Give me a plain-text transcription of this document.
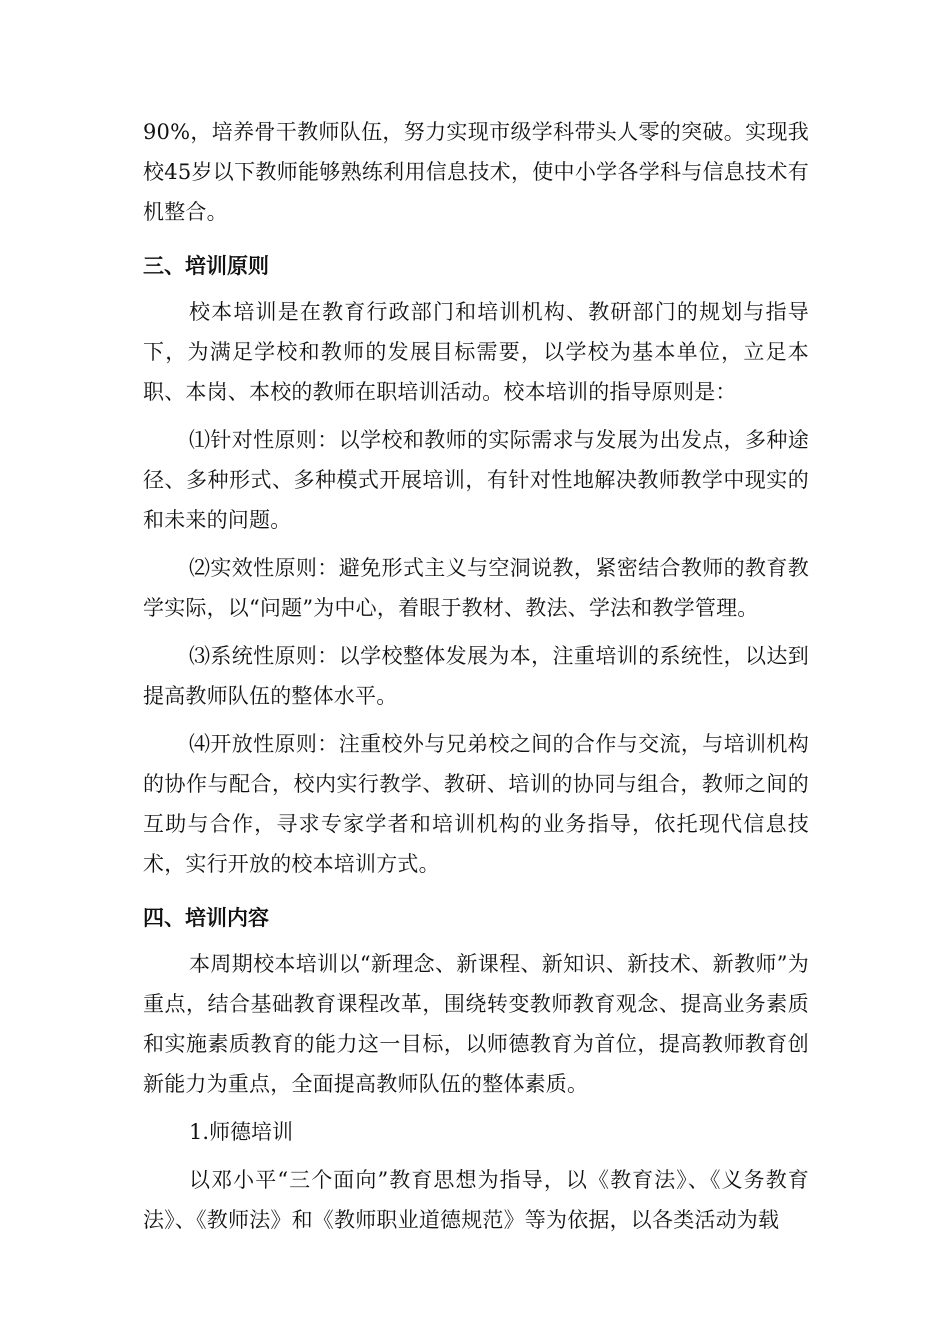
90%，培养骨干教师队伍，努力实现市级学科带头人零的突破。实现我校45岁以下教师能够熟练利用信息技术，使中小学各学科与信息技术有机整合。

三、培训原则

校本培训是在教育行政部门和培训机构、教研部门的规划与指导下，为满足学校和教师的发展目标需要，以学校为基本单位，立足本职、本岗、本校的教师在职培训活动。校本培训的指导原则是：

⑴针对性原则：以学校和教师的实际需求与发展为出发点，多种途径、多种形式、多种模式开展培训，有针对性地解决教师教学中现实的和未来的问题。

⑵实效性原则：避免形式主义与空洞说教，紧密结合教师的教育教学实际，以“问题”为中心，着眼于教材、教法、学法和教学管理。

⑶系统性原则：以学校整体发展为本，注重培训的系统性，以达到提高教师队伍的整体水平。

⑷开放性原则：注重校外与兄弟校之间的合作与交流，与培训机构的协作与配合，校内实行教学、教研、培训的协同与组合，教师之间的互助与合作，寻求专家学者和培训机构的业务指导，依托现代信息技术，实行开放的校本培训方式。

四、培训内容

本周期校本培训以“新理念、新课程、新知识、新技术、新教师”为重点，结合基础教育课程改革，围绕转变教师教育观念、提高业务素质和实施素质教育的能力这一目标，以师德教育为首位，提高教师教育创新能力为重点，全面提高教师队伍的整体素质。

1.师德培训

以邓小平“三个面向”教育思想为指导，以《教育法》、《义务教育法》、《教师法》和《教师职业道德规范》等为依据，以各类活动为载
